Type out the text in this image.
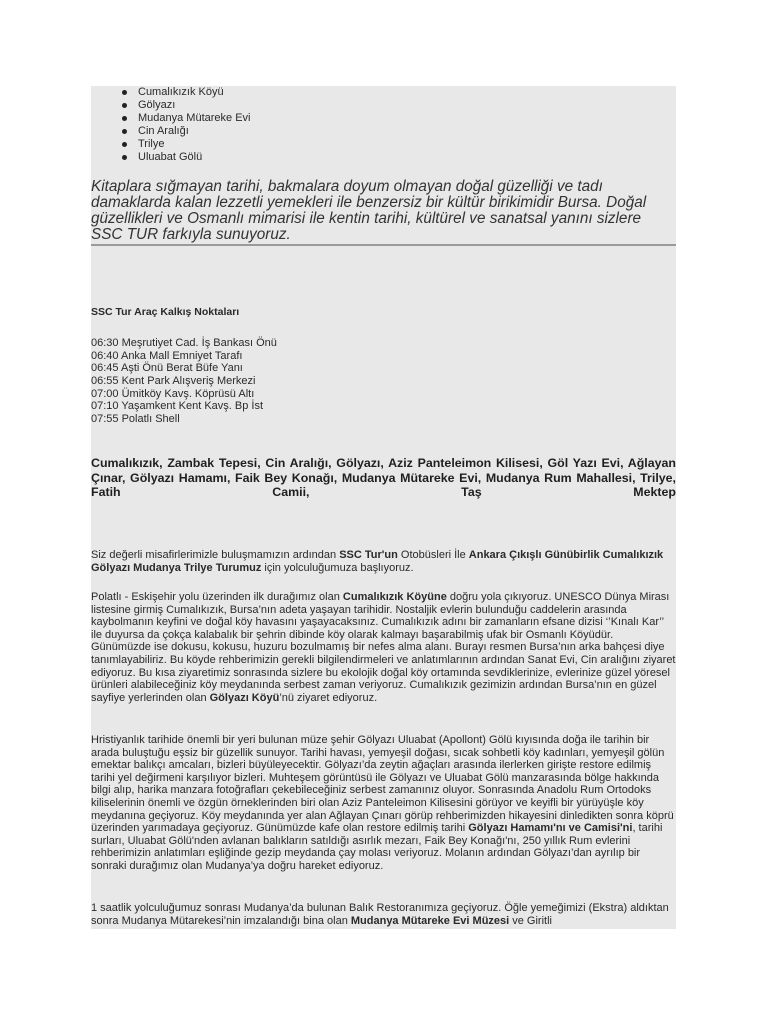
Cumalıkızık Köyü
Gölyazı
Mudanya Mütareke Evi
Cin Aralığı
Trilye
Uluabat Gölü

Kitaplara sığmayan tarihi, bakmalara doyum olmayan doğal güzelliği ve tadı damaklarda kalan lezzetli yemekleri ile benzersiz bir kültür birikimidir Bursa. Doğal güzellikleri ve Osmanlı mimarisi ile kentin tarihi, kültürel ve sanatsal yanını sizlere SSC TUR farkıyla sunuyoruz.

SSC Tur Araç Kalkış Noktaları
06:30 Meşrutiyet Cad. İş Bankası Önü
06:40 Anka Mall Emniyet Tarafı
06:45 Aşti Önü Berat Büfe Yanı
06:55 Kent Park Alışveriş Merkezi
07:00 Ümitköy Kavş. Köprüsü Altı
07:10 Yaşamkent Kent Kavş. Bp İst
07:55 Polatlı Shell

Cumalıkızık, Zambak Tepesi, Cin Aralığı, Gölyazı, Aziz Panteleimon Kilisesi, Göl Yazı Evi, Ağlayan Çınar, Gölyazı Hamamı, Faik Bey Konağı, Mudanya Mütareke Evi, Mudanya Rum Mahallesi, Trilye, Fatih Camii, Taş Mektep

Siz değerli misafirlerimizle buluşmamızın ardından SSC Tur'un Otobüsleri İle Ankara Çıkışlı Günübirlik Cumalıkızık Gölyazı Mudanya Trilye Turumuz için yolculuğumuza başlıyoruz.

Polatlı - Eskişehir yolu üzerinden ilk durağımız olan Cumalıkızık Köyüne doğru yola çıkıyoruz. UNESCO Dünya Mirası listesine girmiş Cumalıkızık, Bursa’nın adeta yaşayan tarihidir. Nostaljik evlerin bulunduğu caddelerin arasında kaybolmanın keyfini ve doğal köy havasını yaşayacaksınız. Cumalıkızık adını bir zamanların efsane dizisi ‘’Kınalı Kar’’ ile duyursa da çokça kalabalık bir şehrin dibinde köy olarak kalmayı başarabilmiş ufak bir Osmanlı Köyüdür. Günümüzde ise dokusu, kokusu, huzuru bozulmamış bir nefes alma alanı. Burayı resmen Bursa’nın arka bahçesi diye tanımlayabiliriz. Bu köyde rehberimizin gerekli bilgilendirmeleri ve anlatımlarının ardından Sanat Evi, Cin aralığını ziyaret ediyoruz. Bu kısa ziyaretimiz sonrasında sizlere bu ekolojik doğal köy ortamında sevdiklerinize, evlerinize güzel yöresel ürünleri alabileceğiniz köy meydanında serbest zaman veriyoruz. Cumalıkızık gezimizin ardından Bursa’nın en güzel sayfiye yerlerinden olan Gölyazı Köyü’nü ziyaret ediyoruz.

Hristiyanlık tarihide önemli bir yeri bulunan müze şehir Gölyazı Uluabat (Apollont) Gölü kıyısında doğa ile tarihin bir arada buluştuğu eşsiz bir güzellik sunuyor. Tarihi havası, yemyeşil doğası, sıcak sohbetli köy kadınları, yemyeşil gölün emektar balıkçı amcaları, bizleri büyüleyecektir. Gölyazı’da zeytin ağaçları arasında ilerlerken girişte restore edilmiş tarihi yel değirmeni karşılıyor bizleri. Muhteşem görüntüsü ile Gölyazı ve Uluabat Gölü manzarasında bölge hakkında bilgi alıp, harika manzara fotoğrafları çekebileceğiniz serbest zamanınız oluyor. Sonrasında Anadolu Rum Ortodoks kiliselerinin önemli ve özgün örneklerinden biri olan Aziz Panteleimon Kilisesini görüyor ve keyifli bir yürüyüşle köy meydanına geçiyoruz. Köy meydanında yer alan Ağlayan Çınarı görüp rehberimizden hikayesini dinledikten sonra köprü üzerinden yarımadaya geçiyoruz. Günümüzde kafe olan restore edilmiş tarihi Gölyazı Hamamı'nı ve Camisi'ni, tarihi surları, Uluabat Gölü'nden avlanan balıkların satıldığı asırlık mezarı, Faik Bey Konağı'nı, 250 yıllık Rum evlerini rehberimizin anlatımları eşliğinde gezip meydanda çay molası veriyoruz. Molanın ardından Gölyazı’dan ayrılıp bir sonraki durağımız olan Mudanya’ya doğru hareket ediyoruz.

1 saatlik yolculuğumuz sonrası Mudanya’da bulunan Balık Restoranımıza geçiyoruz. Öğle yemeğimizi (Ekstra) aldıktan sonra Mudanya Mütarekesi’nin imzalandığı bina olan Mudanya Mütareke Evi Müzesi ve Giritli
